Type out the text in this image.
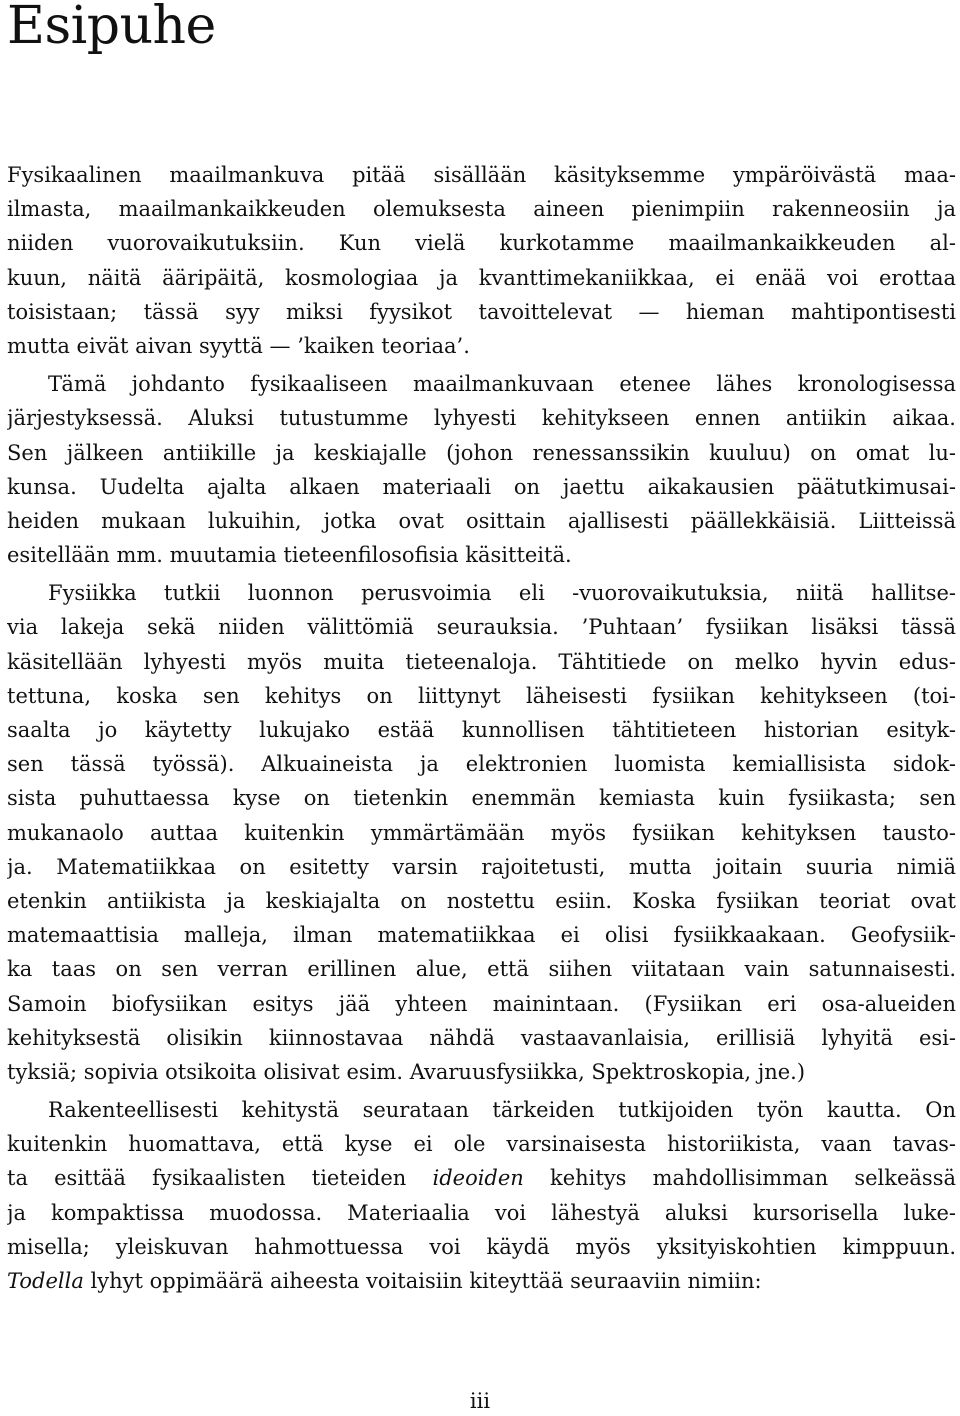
Esipuhe
Fysikaalinen maailmankuva pitää sisällään käsityksemme ympäröivästä maa-
ilmasta, maailmankaikkeuden olemuksesta aineen pienimpiin rakenneosiin ja
niiden vuorovaikutuksiin. Kun vielä kurkotamme maailmankaikkeuden al-
kuun, näitä ääripäitä, kosmologiaa ja kvanttimekaniikkaa, ei enää voi erottaa
toisistaan; tässä syy miksi fyysikot tavoittelevat — hieman mahtipontisesti
mutta eivät aivan syyttä — ’kaiken teoriaa’.
Tämä johdanto fysikaaliseen maailmankuvaan etenee lähes kronologisessa
järjestyksessä. Aluksi tutustumme lyhyesti kehitykseen ennen antiikin aikaa.
Sen jälkeen antiikille ja keskiajalle (johon renessanssikin kuuluu) on omat lu-
kunsa. Uudelta ajalta alkaen materiaali on jaettu aikakausien päätutkimusai-
heiden mukaan lukuihin, jotka ovat osittain ajallisesti päällekkäisiä. Liitteissä
esitellään mm. muutamia tieteenfilosofisia käsitteitä.
Fysiikka tutkii luonnon perusvoimia eli -vuorovaikutuksia, niitä hallitse-
via lakeja sekä niiden välittömiä seurauksia. ’Puhtaan’ fysiikan lisäksi tässä
käsitellään lyhyesti myös muita tieteenaloja. Tähtitiede on melko hyvin edus-
tettuna, koska sen kehitys on liittynyt läheisesti fysiikan kehitykseen (toi-
saalta jo käytetty lukujako estää kunnollisen tähtitieteen historian esityk-
sen tässä työssä). Alkuaineista ja elektronien luomista kemiallisista sidok-
sista puhuttaessa kyse on tietenkin enemmän kemiasta kuin fysiikasta; sen
mukanaolo auttaa kuitenkin ymmärtämään myös fysiikan kehityksen tausto-
ja. Matematiikkaa on esitetty varsin rajoitetusti, mutta joitain suuria nimiä
etenkin antiikista ja keskiajalta on nostettu esiin. Koska fysiikan teoriat ovat
matemaattisia malleja, ilman matematiikkaa ei olisi fysiikkaakaan. Geofysiik-
ka taas on sen verran erillinen alue, että siihen viitataan vain satunnaisesti.
Samoin biofysiikan esitys jää yhteen mainintaan. (Fysiikan eri osa-alueiden
kehityksestä olisikin kiinnostavaa nähdä vastaavanlaisia, erillisiä lyhyitä esi-
tyksiä; sopivia otsikoita olisivat esim. Avaruusfysiikka, Spektroskopia, jne.)
Rakenteellisesti kehitystä seurataan tärkeiden tutkijoiden työn kautta. On
kuitenkin huomattava, että kyse ei ole varsinaisesta historiikista, vaan tavas-
ta esittää fysikaalisten tieteiden ideoiden kehitys mahdollisimman selkeässä
ja kompaktissa muodossa. Materiaalia voi lähestyä aluksi kursorisella luke-
misella; yleiskuvan hahmottuessa voi käydä myös yksityiskohtien kimppuun.
Todella lyhyt oppimäärä aiheesta voitaisiin kiteyttää seuraaviin nimiin:
iii
